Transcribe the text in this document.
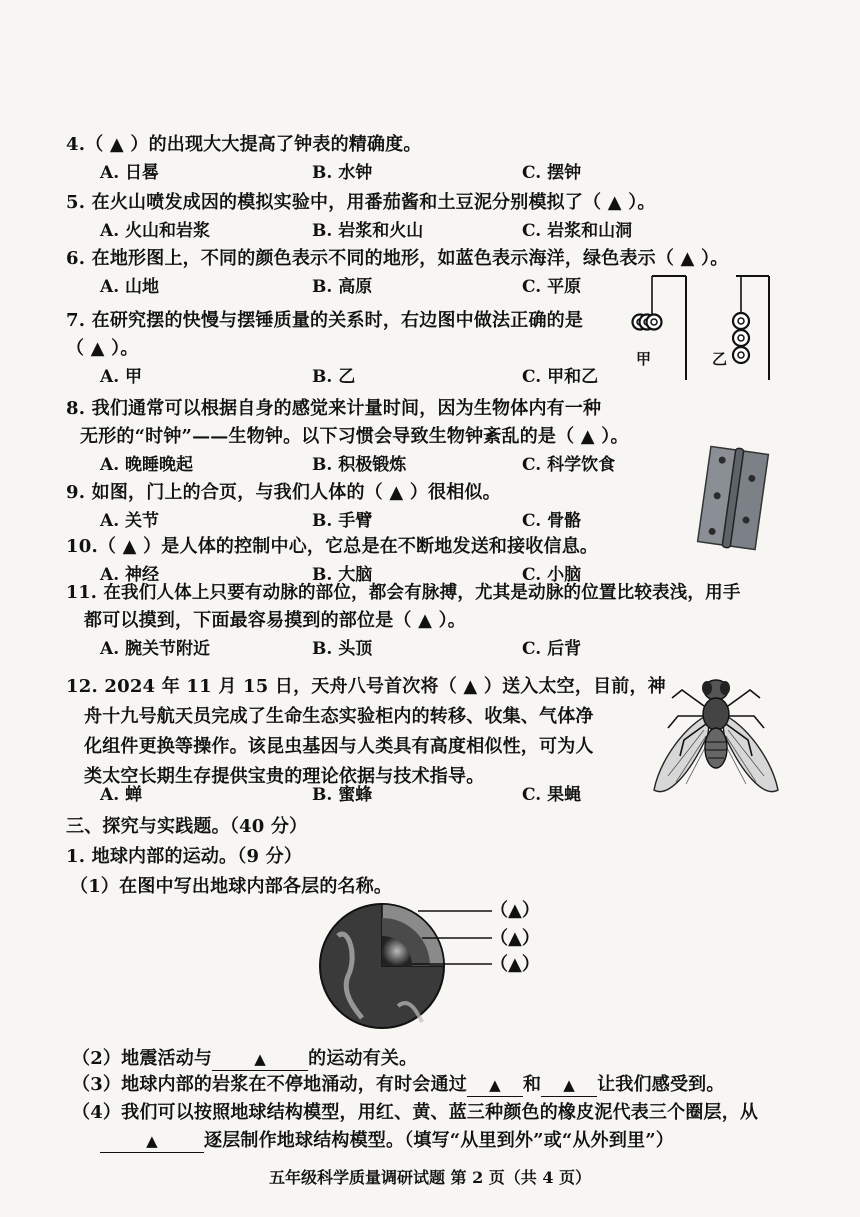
4.（ ▲ ）的出现大大提高了钟表的精确度。
A. 日晷	B. 水钟	C. 摆钟
5. 在火山喷发成因的模拟实验中，用番茄酱和土豆泥分别模拟了（ ▲ ）。
A. 火山和岩浆	B. 岩浆和火山	C. 岩浆和山洞
6. 在地形图上，不同的颜色表示不同的地形，如蓝色表示海洋，绿色表示（ ▲ ）。
A. 山地	B. 高原	C. 平原
7. 在研究摆的快慢与摆锤质量的关系时，右边图中做法正确的是
（ ▲ ）。
A. 甲	B. 乙	C. 甲和乙
甲	乙
8. 我们通常可以根据自身的感觉来计量时间，因为生物体内有一种
无形的“时钟”——生物钟。以下习惯会导致生物钟紊乱的是（ ▲ ）。
A. 晚睡晚起	B. 积极锻炼	C. 科学饮食
9. 如图，门上的合页，与我们人体的（ ▲ ）很相似。
A. 关节	B. 手臂	C. 骨骼
10.（ ▲ ）是人体的控制中心，它总是在不断地发送和接收信息。
A. 神经	B. 大脑	C. 小脑
11. 在我们人体上只要有动脉的部位，都会有脉搏，尤其是动脉的位置比较表浅，用手
都可以摸到，下面最容易摸到的部位是（ ▲ ）。
A. 腕关节附近	B. 头顶	C. 后背
12. 2024 年 11 月 15 日，天舟八号首次将（ ▲ ）送入太空，目前，神
舟十九号航天员完成了生命生态实验柜内的转移、收集、气体净
化组件更换等操作。该昆虫基因与人类具有高度相似性，可为人
类太空长期生存提供宝贵的理论依据与技术指导。
A. 蝉	B. 蜜蜂	C. 果蝇
三、探究与实践题。（40 分）
1. 地球内部的运动。（9 分）
（1）在图中写出地球内部各层的名称。
（▲）
（▲）
（▲）
（2）地震活动与	▲ 的运动有关。
（3）地球内部的岩浆在不停地涌动，有时会通过 ▲ 和 ▲ 让我们感受到。
（4）我们可以按照地球结构模型，用红、黄、蓝三种颜色的橡皮泥代表三个圈层，从
▲	逐层制作地球结构模型。（填写“从里到外”或“从外到里”）
五年级科学质量调研试题 第 2 页（共 4 页）
